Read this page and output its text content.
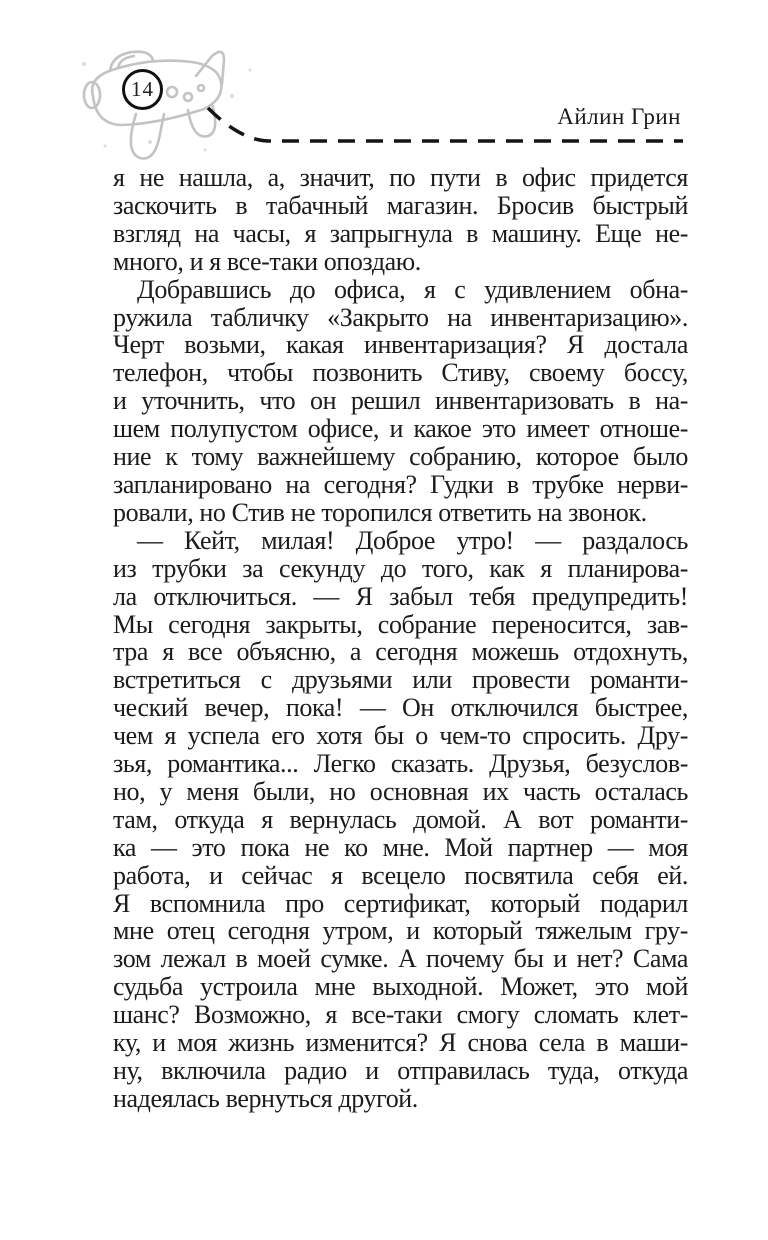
14
Айлин Грин
я не нашла, а, значит, по пути в офис придется
заскочить в табачный магазин. Бросив быстрый
взгляд на часы, я запрыгнула в машину. Еще не-
много, и я все-таки опоздаю.
Добравшись до офиса, я с удивлением обна-
ружила табличку «Закрыто на инвентаризацию».
Черт возьми, какая инвентаризация? Я достала
телефон, чтобы позвонить Стиву, своему боссу,
и уточнить, что он решил инвентаризовать в на-
шем полупустом офисе, и какое это имеет отноше-
ние к тому важнейшему собранию, которое было
запланировано на сегодня? Гудки в трубке нерви-
ровали, но Стив не торопился ответить на звонок.
— Кейт, милая! Доброе утро! — раздалось
из трубки за секунду до того, как я планирова-
ла отключиться. — Я забыл тебя предупредить!
Мы сегодня закрыты, собрание переносится, зав-
тра я все объясню, а сегодня можешь отдохнуть,
встретиться с друзьями или провести романти-
ческий вечер, пока! — Он отключился быстрее,
чем я успела его хотя бы о чем-то спросить. Дру-
зья, романтика... Легко сказать. Друзья, безуслов-
но, у меня были, но основная их часть осталась
там, откуда я вернулась домой. А вот романти-
ка — это пока не ко мне. Мой партнер — моя
работа, и сейчас я всецело посвятила себя ей.
Я вспомнила про сертификат, который подарил
мне отец сегодня утром, и который тяжелым гру-
зом лежал в моей сумке. А почему бы и нет? Сама
судьба устроила мне выходной. Может, это мой
шанс? Возможно, я все-таки смогу сломать клет-
ку, и моя жизнь изменится? Я снова села в маши-
ну, включила радио и отправилась туда, откуда
надеялась вернуться другой.
